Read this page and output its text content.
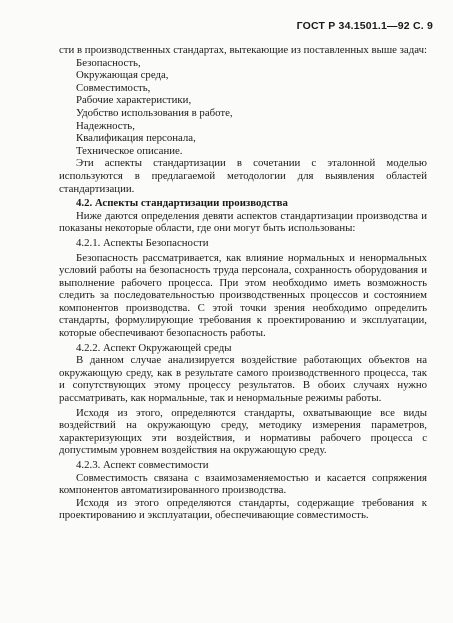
ГОСТ Р 34.1501.1—92 С. 9

сти в производственных стандартах, вытекающие из поставленных выше задач:

Безопасность,

Окружающая среда,

Совместимость,

Рабочие характеристики,

Удобство использования в работе,

Надежность,

Квалификация персонала,

Техническое описание.

Эти аспекты стандартизации в сочетании с эталонной моделью используются в предлагаемой методологии для выявления областей стандартизации.

4.2. Аспекты стандартизации производства

Ниже даются определения девяти аспектов стандартизации производства и показаны некоторые области, где они могут быть использованы:

4.2.1. Аспекты Безопасности

Безопасность рассматривается, как влияние нормальных и ненормальных условий работы на безопасность труда персонала, сохранность оборудования и выполнение рабочего процесса. При этом необходимо иметь возможность следить за последовательностью производственных процессов и состоянием компонентов производства. С этой точки зрения необходимо определить стандарты, формулирующие требования к проектированию и эксплуатации, которые обеспечивают безопасность работы.

4.2.2. Аспект Окружающей среды

В данном случае анализируется воздействие работающих объектов на окружающую среду, как в результате самого производственного процесса, так и сопутствующих этому процессу результатов. В обоих случаях нужно рассматривать, как нормальные, так и ненормальные режимы работы.

Исходя из этого, определяются стандарты, охватывающие все виды воздействий на окружающую среду, методику измерения параметров, характеризующих эти воздействия, и нормативы рабочего процесса с допустимым уровнем воздействия на окружающую среду.

4.2.3. Аспект совместимости

Совместимость связана с взаимозаменяемостью и касается сопряжения компонентов автоматизированного производства.

Исходя из этого определяются стандарты, содержащие требования к проектированию и эксплуатации, обеспечивающие совместимость.
